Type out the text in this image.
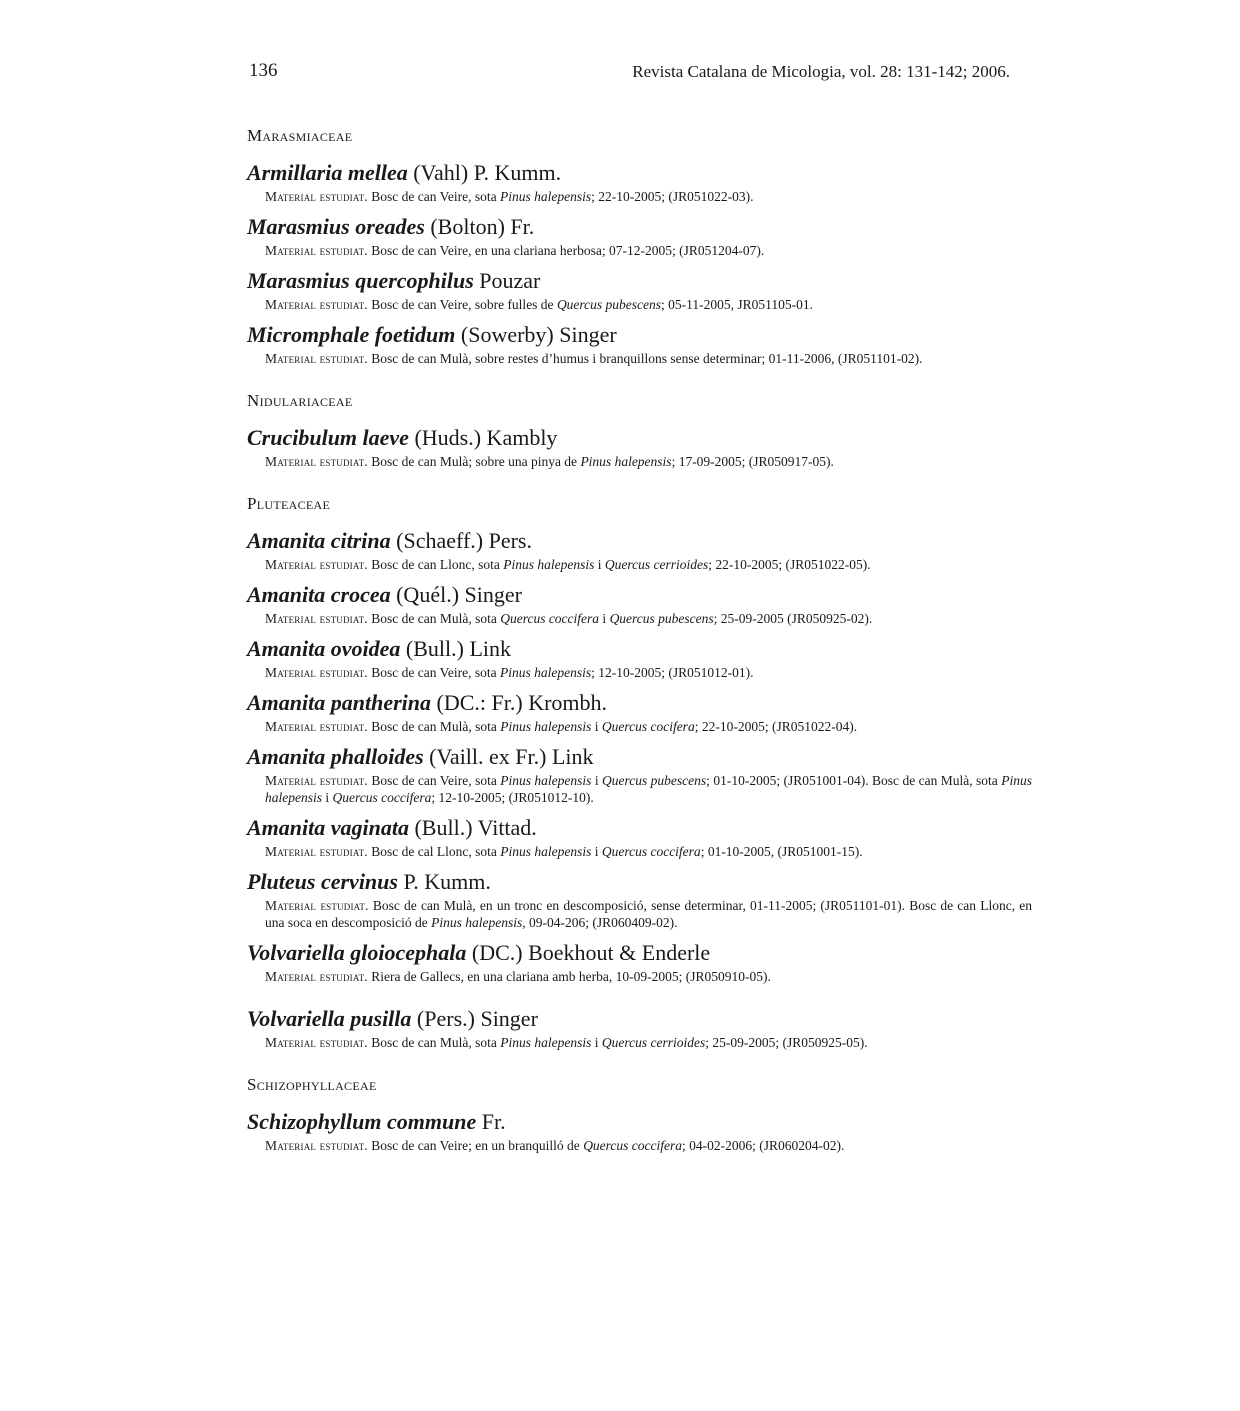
136	Revista Catalana de Micologia, vol. 28: 131-142; 2006.
Marasmiaceae
Armillaria mellea (Vahl) P. Kumm.
Material estudiat. Bosc de can Veire, sota Pinus halepensis; 22-10-2005; (JR051022-03).
Marasmius oreades (Bolton) Fr.
Material estudiat. Bosc de can Veire, en una clariana herbosa; 07-12-2005; (JR051204-07).
Marasmius quercophilus Pouzar
Material estudiat. Bosc de can Veire, sobre fulles de Quercus pubescens; 05-11-2005, JR051105-01.
Micromphale foetidum (Sowerby) Singer
Material estudiat. Bosc de can Mulà, sobre restes d’humus i branquillons sense determinar; 01-11-2006, (JR051101-02).
Nidulariaceae
Crucibulum laeve (Huds.) Kambly
Material estudiat. Bosc de can Mulà; sobre una pinya de Pinus halepensis; 17-09-2005; (JR050917-05).
Pluteaceae
Amanita citrina (Schaeff.) Pers.
Material estudiat. Bosc de can Llonc, sota Pinus halepensis i Quercus cerrioides; 22-10-2005; (JR051022-05).
Amanita crocea (Quél.) Singer
Material estudiat. Bosc de can Mulà, sota Quercus coccifera i Quercus pubescens; 25-09-2005 (JR050925-02).
Amanita ovoidea (Bull.) Link
Material estudiat. Bosc de can Veire, sota Pinus halepensis; 12-10-2005; (JR051012-01).
Amanita pantherina (DC.: Fr.) Krombh.
Material estudiat. Bosc de can Mulà, sota Pinus halepensis i Quercus cocifera; 22-10-2005; (JR051022-04).
Amanita phalloides (Vaill. ex Fr.) Link
Material estudiat. Bosc de can Veire, sota Pinus halepensis i Quercus pubescens; 01-10-2005; (JR051001-04). Bosc de can Mulà, sota Pinus halepensis i Quercus coccifera; 12-10-2005; (JR051012-10).
Amanita vaginata (Bull.) Vittad.
Material estudiat. Bosc de cal Llonc, sota Pinus halepensis i Quercus coccifera; 01-10-2005, (JR051001-15).
Pluteus cervinus P. Kumm.
Material estudiat. Bosc de can Mulà, en un tronc en descomposició, sense determinar, 01-11-2005; (JR051101-01). Bosc de can Llonc, en una soca en descomposició de Pinus halepensis, 09-04-206; (JR060409-02).
Volvariella gloiocephala (DC.) Boekhout & Enderle
Material estudiat. Riera de Gallecs, en una clariana amb herba, 10-09-2005; (JR050910-05).
Volvariella pusilla (Pers.) Singer
Material estudiat. Bosc de can Mulà, sota Pinus halepensis i Quercus cerrioides; 25-09-2005; (JR050925-05).
Schizophyllaceae
Schizophyllum commune Fr.
Material estudiat. Bosc de can Veire; en un branquilló de Quercus coccifera; 04-02-2006; (JR060204-02).
